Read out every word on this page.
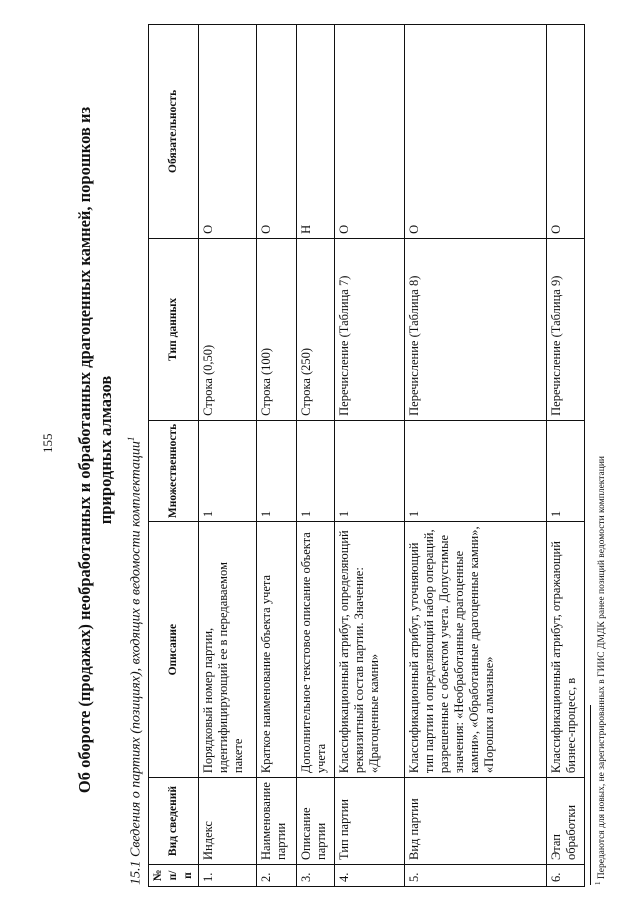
155 Об обороте (продажах) необработанных и обработанных драгоценных камней, порошков из природных алмазов 15.1 Сведения о партиях (позициях), входящих в ведомости комплектации$^1$
№ п/п	Вид сведений	Описание	Множественность	Тип данных	Обязательность
1.	Индекс	Порядковый номер партии, идентифицирующий ее в передаваемом пакете	1	Строка (0,50)	О
2.	Наименование партии	Краткое наименование объекта учета	1	Строка (100)	О
3.	Описание партии	Дополнительное текстовое описание объекта учета	1	Строка (250)	Н
4.	Тип партии	Классификационный атрибут, определяющий реквизитный состав партии. Значение: «Драгоценные камни»	1	Перечисление (Таблица 7)	О
5.	Вид партии	Классификационный атрибут, уточняющий тип партии и определяющий набор операций, разрешенные с объектом учета. Допустимые значения: «Необработанные драгоценные камни», «Обработанные драгоценные камни», «Порошки алмазные»	1	Перечисление (Таблица 8)	О
6.	Этап обработки	Классификационный атрибут, отражающий бизнес-процесс, в	1	Перечисление (Таблица 9)	О
$^1$ Передаются для новых, не зарегистрированных в ГИИС ДМДК ранее позиций ведомости комплектации
